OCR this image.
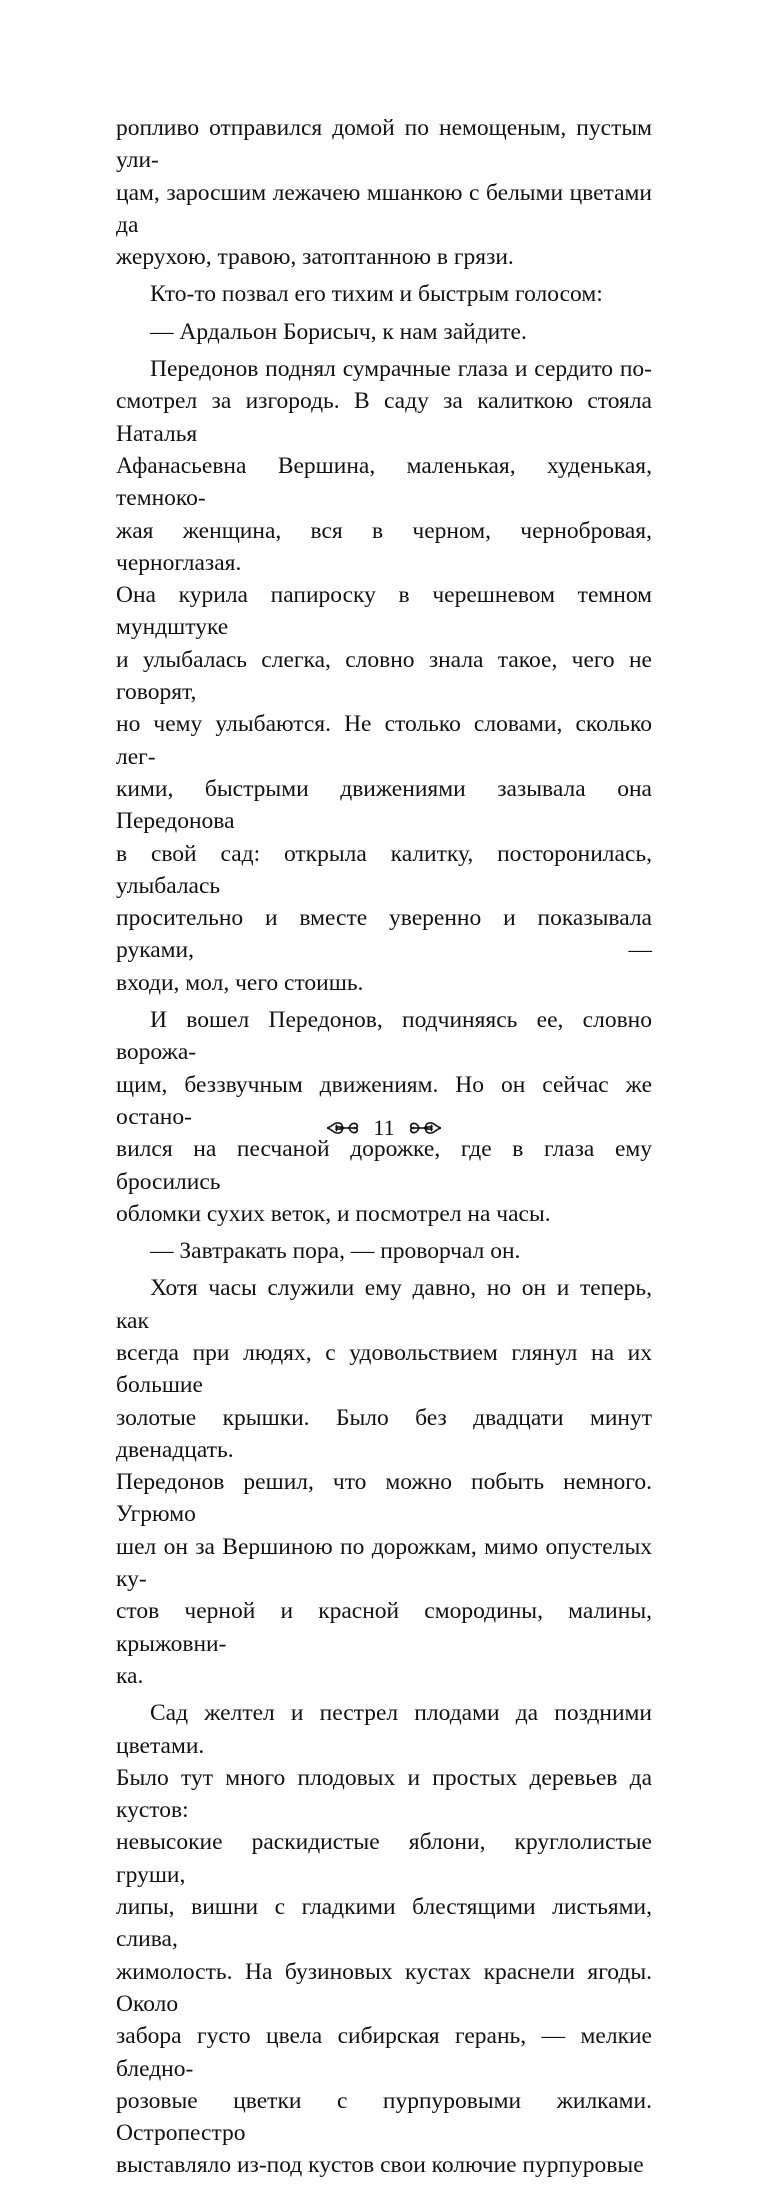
ропливо отправился домой по немощеным, пустым ули-
цам, заросшим лежачею мшанкою с белыми цветами да
жерухою, травою, затоптанною в грязи.
Кто-то позвал его тихим и быстрым голосом:
— Ардальон Борисыч, к нам зайдите.
Передонов поднял сумрачные глаза и сердито по-
смотрел за изгородь. В саду за калиткою стояла Наталья
Афанасьевна Вершина, маленькая, худенькая, темноко-
жая женщина, вся в черном, чернобровая, черноглазая.
Она курила папироску в черешневом темном мундштуке
и улыбалась слегка, словно знала такое, чего не говорят,
но чему улыбаются. Не столько словами, сколько лег-
кими, быстрыми движениями зазывала она Передонова
в свой сад: открыла калитку, посторонилась, улыбалась
просительно и вместе уверенно и показывала руками, —
входи, мол, чего стоишь.
И вошел Передонов, подчиняясь ее, словно ворожа-
щим, беззвучным движениям. Но он сейчас же остано-
вился на песчаной дорожке, где в глаза ему бросились
обломки сухих веток, и посмотрел на часы.
— Завтракать пора, — проворчал он.
Хотя часы служили ему давно, но он и теперь, как
всегда при людях, с удовольствием глянул на их большие
золотые крышки. Было без двадцати минут двенадцать.
Передонов решил, что можно побыть немного. Угрюмо
шел он за Вершиною по дорожкам, мимо опустелых ку-
стов черной и красной смородины, малины, крыжовни-
ка.
Сад желтел и пестрел плодами да поздними цветами.
Было тут много плодовых и простых деревьев да кустов:
невысокие раскидистые яблони, круглолистые груши,
липы, вишни с гладкими блестящими листьями, слива,
жимолость. На бузиновых кустах краснели ягоды. Около
забора густо цвела сибирская герань, — мелкие бледно-
розовые цветки с пурпуровыми жилками. Остропестро
выставляло из-под кустов свои колючие пурпуровые
11
